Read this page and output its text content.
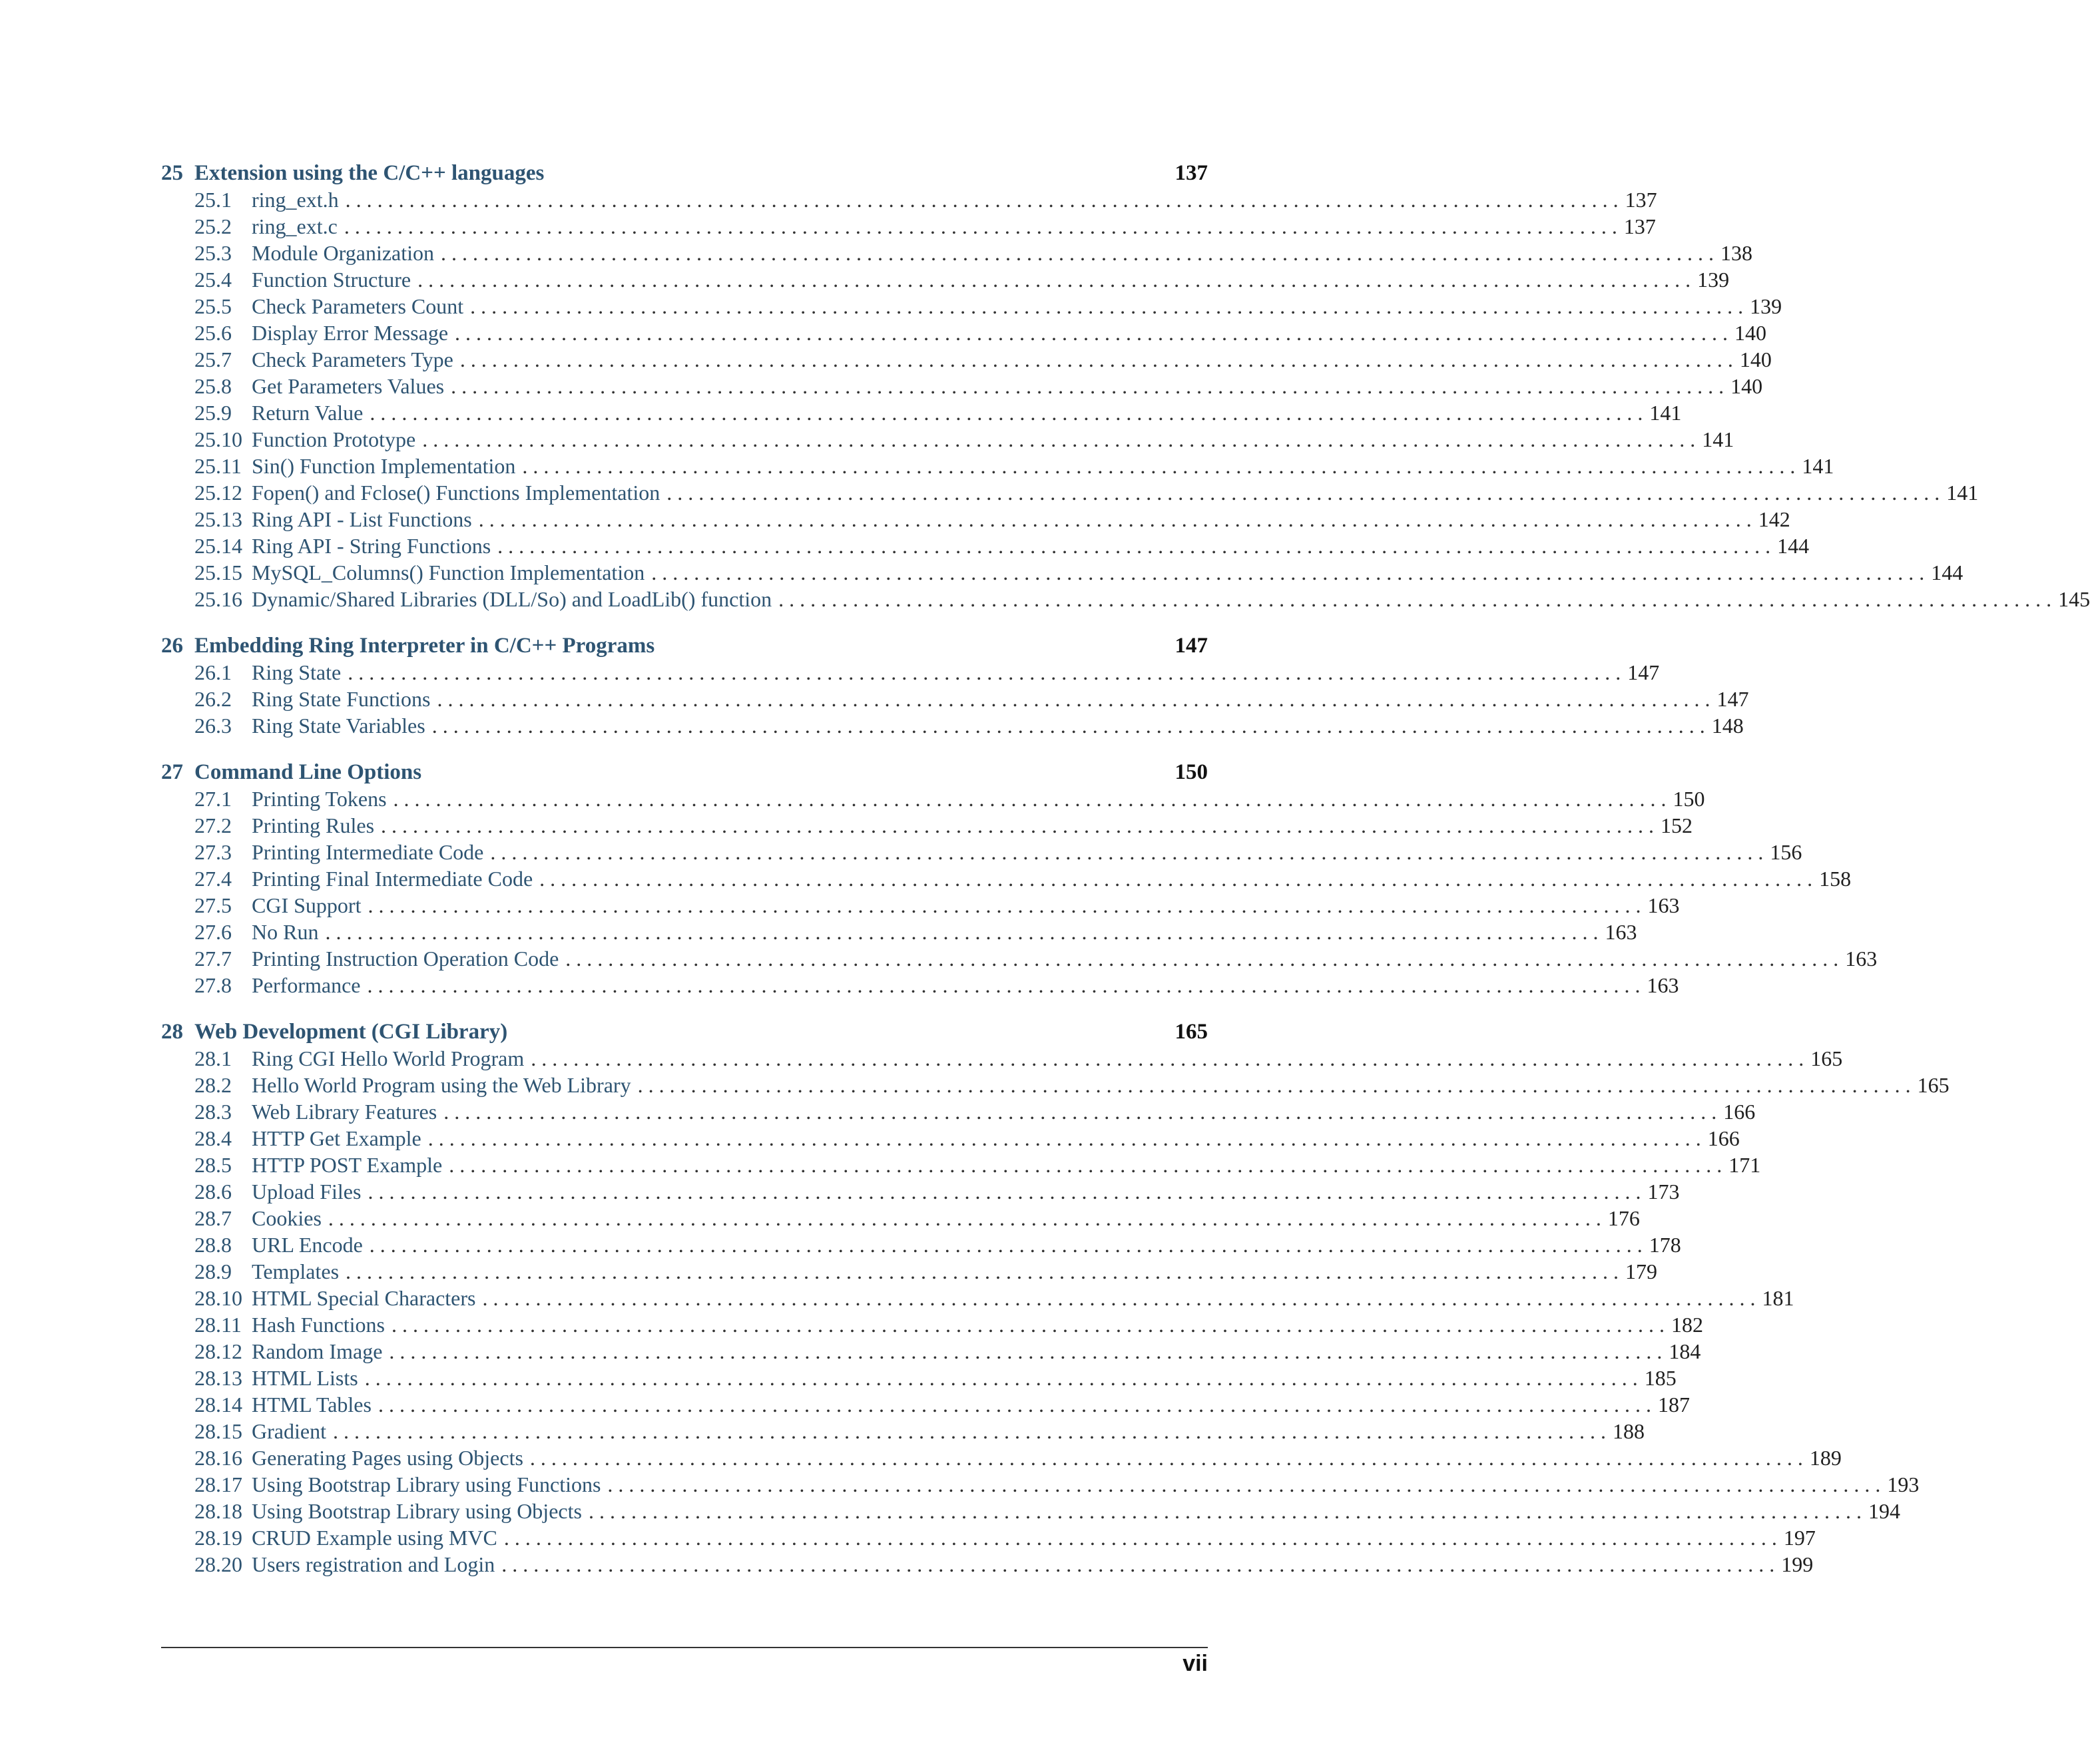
25 Extension using the C/C++ languages	137
25.1 ring_ext.h . . . . . . . . . . . . . . . . . . . . . . . . . . . . . . . . . . . . . . . . . . . . . . . . . . . . . . . . . . . . . . . . . . . . . . . . . . . . . . . . . . . . . . . . . . . . . . . . . . . . . . . . . . . . . . . . . . . . . . . . 137
25.2 ring_ext.c . . . . . . . . . . . . . . . . . . . . . . . . . . . . . . . . . . . . . . . . . . . . . . . . . . . . . . . . . . . . . . . . . . . . . . . . . . . . . . . . . . . . . . . . . . . . . . . . . . . . . . . . . . . . . . . . . . . . . . . . 137
25.3 Module Organization . . . . . . . . . . . . . . . . . . . . . . . . . . . . . . . . . . . . . . . . . . . . . . . . . . . . . . . . . . . . . . . . . . . . . . . . . . . . . . . . . . . . . . . . . . . . . . . . . . . . . . . . . . . . . . . . . . . . . . . . 138
25.4 Function Structure . . . . . . . . . . . . . . . . . . . . . . . . . . . . . . . . . . . . . . . . . . . . . . . . . . . . . . . . . . . . . . . . . . . . . . . . . . . . . . . . . . . . . . . . . . . . . . . . . . . . . . . . . . . . . . . . . . . . . . . . 139
25.5 Check Parameters Count . . . . . . . . . . . . . . . . . . . . . . . . . . . . . . . . . . . . . . . . . . . . . . . . . . . . . . . . . . . . . . . . . . . . . . . . . . . . . . . . . . . . . . . . . . . . . . . . . . . . . . . . . . . . . . . . . . . . . . . . 139
25.6 Display Error Message . . . . . . . . . . . . . . . . . . . . . . . . . . . . . . . . . . . . . . . . . . . . . . . . . . . . . . . . . . . . . . . . . . . . . . . . . . . . . . . . . . . . . . . . . . . . . . . . . . . . . . . . . . . . . . . . . . . . . . . . 140
25.7 Check Parameters Type . . . . . . . . . . . . . . . . . . . . . . . . . . . . . . . . . . . . . . . . . . . . . . . . . . . . . . . . . . . . . . . . . . . . . . . . . . . . . . . . . . . . . . . . . . . . . . . . . . . . . . . . . . . . . . . . . . . . . . . . 140
25.8 Get Parameters Values . . . . . . . . . . . . . . . . . . . . . . . . . . . . . . . . . . . . . . . . . . . . . . . . . . . . . . . . . . . . . . . . . . . . . . . . . . . . . . . . . . . . . . . . . . . . . . . . . . . . . . . . . . . . . . . . . . . . . . . . 140
25.9 Return Value . . . . . . . . . . . . . . . . . . . . . . . . . . . . . . . . . . . . . . . . . . . . . . . . . . . . . . . . . . . . . . . . . . . . . . . . . . . . . . . . . . . . . . . . . . . . . . . . . . . . . . . . . . . . . . . . . . . . . . . . 141
25.10 Function Prototype . . . . . . . . . . . . . . . . . . . . . . . . . . . . . . . . . . . . . . . . . . . . . . . . . . . . . . . . . . . . . . . . . . . . . . . . . . . . . . . . . . . . . . . . . . . . . . . . . . . . . . . . . . . . . . . . . . . . . . . . 141
25.11 Sin() Function Implementation . . . . . . . . . . . . . . . . . . . . . . . . . . . . . . . . . . . . . . . . . . . . . . . . . . . . . . . . . . . . . . . . . . . . . . . . . . . . . . . . . . . . . . . . . . . . . . . . . . . . . . . . . . . . . . . . . . . . . . . . 141
25.12 Fopen() and Fclose() Functions Implementation . . . . . . . . . . . . . . . . . . . . . . . . . . . . . . . . . . . . . . . . . . . . . . . . . . . . . . . . . . . . . . . . . . . . . . . . . . . . . . . . . . . . . . . . . . . . . . . . . . . . . . . . . . . . . . . . . . . . . . . . 141
25.13 Ring API - List Functions . . . . . . . . . . . . . . . . . . . . . . . . . . . . . . . . . . . . . . . . . . . . . . . . . . . . . . . . . . . . . . . . . . . . . . . . . . . . . . . . . . . . . . . . . . . . . . . . . . . . . . . . . . . . . . . . . . . . . . . . 142
25.14 Ring API - String Functions . . . . . . . . . . . . . . . . . . . . . . . . . . . . . . . . . . . . . . . . . . . . . . . . . . . . . . . . . . . . . . . . . . . . . . . . . . . . . . . . . . . . . . . . . . . . . . . . . . . . . . . . . . . . . . . . . . . . . . . . 144
25.15 MySQL_Columns() Function Implementation . . . . . . . . . . . . . . . . . . . . . . . . . . . . . . . . . . . . . . . . . . . . . . . . . . . . . . . . . . . . . . . . . . . . . . . . . . . . . . . . . . . . . . . . . . . . . . . . . . . . . . . . . . . . . . . . . . . . . . . . 144
25.16 Dynamic/Shared Libraries (DLL/So) and LoadLib() function . . . . . . . . . . . . . . . . . . . . . . . . . . . . . . . . . . . . . . . . . . . . . . . . . . . . . . . . . . . . . . . . . . . . . . . . . . . . . . . . . . . . . . . . . . . . . . . . . . . . . . . . . . . . . . . . . . . . . . . . 145
26 Embedding Ring Interpreter in C/C++ Programs	147
26.1 Ring State . . . . . . . . . . . . . . . . . . . . . . . . . . . . . . . . . . . . . . . . . . . . . . . . . . . . . . . . . . . . . . . . . . . . . . . . . . . . . . . . . . . . . . . . . . . . . . . . . . . . . . . . . . . . . . . . . . . . . . . . 147
26.2 Ring State Functions . . . . . . . . . . . . . . . . . . . . . . . . . . . . . . . . . . . . . . . . . . . . . . . . . . . . . . . . . . . . . . . . . . . . . . . . . . . . . . . . . . . . . . . . . . . . . . . . . . . . . . . . . . . . . . . . . . . . . . . . 147
26.3 Ring State Variables . . . . . . . . . . . . . . . . . . . . . . . . . . . . . . . . . . . . . . . . . . . . . . . . . . . . . . . . . . . . . . . . . . . . . . . . . . . . . . . . . . . . . . . . . . . . . . . . . . . . . . . . . . . . . . . . . . . . . . . . 148
27 Command Line Options	150
27.1 Printing Tokens . . . . . . . . . . . . . . . . . . . . . . . . . . . . . . . . . . . . . . . . . . . . . . . . . . . . . . . . . . . . . . . . . . . . . . . . . . . . . . . . . . . . . . . . . . . . . . . . . . . . . . . . . . . . . . . . . . . . . . . . 150
27.2 Printing Rules . . . . . . . . . . . . . . . . . . . . . . . . . . . . . . . . . . . . . . . . . . . . . . . . . . . . . . . . . . . . . . . . . . . . . . . . . . . . . . . . . . . . . . . . . . . . . . . . . . . . . . . . . . . . . . . . . . . . . . . . 152
27.3 Printing Intermediate Code . . . . . . . . . . . . . . . . . . . . . . . . . . . . . . . . . . . . . . . . . . . . . . . . . . . . . . . . . . . . . . . . . . . . . . . . . . . . . . . . . . . . . . . . . . . . . . . . . . . . . . . . . . . . . . . . . . . . . . . . 156
27.4 Printing Final Intermediate Code . . . . . . . . . . . . . . . . . . . . . . . . . . . . . . . . . . . . . . . . . . . . . . . . . . . . . . . . . . . . . . . . . . . . . . . . . . . . . . . . . . . . . . . . . . . . . . . . . . . . . . . . . . . . . . . . . . . . . . . . 158
27.5 CGI Support . . . . . . . . . . . . . . . . . . . . . . . . . . . . . . . . . . . . . . . . . . . . . . . . . . . . . . . . . . . . . . . . . . . . . . . . . . . . . . . . . . . . . . . . . . . . . . . . . . . . . . . . . . . . . . . . . . . . . . . . 163
27.6 No Run . . . . . . . . . . . . . . . . . . . . . . . . . . . . . . . . . . . . . . . . . . . . . . . . . . . . . . . . . . . . . . . . . . . . . . . . . . . . . . . . . . . . . . . . . . . . . . . . . . . . . . . . . . . . . . . . . . . . . . . . 163
27.7 Printing Instruction Operation Code . . . . . . . . . . . . . . . . . . . . . . . . . . . . . . . . . . . . . . . . . . . . . . . . . . . . . . . . . . . . . . . . . . . . . . . . . . . . . . . . . . . . . . . . . . . . . . . . . . . . . . . . . . . . . . . . . . . . . . . . 163
27.8 Performance . . . . . . . . . . . . . . . . . . . . . . . . . . . . . . . . . . . . . . . . . . . . . . . . . . . . . . . . . . . . . . . . . . . . . . . . . . . . . . . . . . . . . . . . . . . . . . . . . . . . . . . . . . . . . . . . . . . . . . . . 163
28 Web Development (CGI Library)	165
28.1 Ring CGI Hello World Program . . . . . . . . . . . . . . . . . . . . . . . . . . . . . . . . . . . . . . . . . . . . . . . . . . . . . . . . . . . . . . . . . . . . . . . . . . . . . . . . . . . . . . . . . . . . . . . . . . . . . . . . . . . . . . . . . . . . . . . . 165
28.2 Hello World Program using the Web Library . . . . . . . . . . . . . . . . . . . . . . . . . . . . . . . . . . . . . . . . . . . . . . . . . . . . . . . . . . . . . . . . . . . . . . . . . . . . . . . . . . . . . . . . . . . . . . . . . . . . . . . . . . . . . . . . . . . . . . . . 165
28.3 Web Library Features . . . . . . . . . . . . . . . . . . . . . . . . . . . . . . . . . . . . . . . . . . . . . . . . . . . . . . . . . . . . . . . . . . . . . . . . . . . . . . . . . . . . . . . . . . . . . . . . . . . . . . . . . . . . . . . . . . . . . . . . 166
28.4 HTTP Get Example . . . . . . . . . . . . . . . . . . . . . . . . . . . . . . . . . . . . . . . . . . . . . . . . . . . . . . . . . . . . . . . . . . . . . . . . . . . . . . . . . . . . . . . . . . . . . . . . . . . . . . . . . . . . . . . . . . . . . . . . 166
28.5 HTTP POST Example . . . . . . . . . . . . . . . . . . . . . . . . . . . . . . . . . . . . . . . . . . . . . . . . . . . . . . . . . . . . . . . . . . . . . . . . . . . . . . . . . . . . . . . . . . . . . . . . . . . . . . . . . . . . . . . . . . . . . . . . 171
28.6 Upload Files . . . . . . . . . . . . . . . . . . . . . . . . . . . . . . . . . . . . . . . . . . . . . . . . . . . . . . . . . . . . . . . . . . . . . . . . . . . . . . . . . . . . . . . . . . . . . . . . . . . . . . . . . . . . . . . . . . . . . . . . 173
28.7 Cookies . . . . . . . . . . . . . . . . . . . . . . . . . . . . . . . . . . . . . . . . . . . . . . . . . . . . . . . . . . . . . . . . . . . . . . . . . . . . . . . . . . . . . . . . . . . . . . . . . . . . . . . . . . . . . . . . . . . . . . . . 176
28.8 URL Encode . . . . . . . . . . . . . . . . . . . . . . . . . . . . . . . . . . . . . . . . . . . . . . . . . . . . . . . . . . . . . . . . . . . . . . . . . . . . . . . . . . . . . . . . . . . . . . . . . . . . . . . . . . . . . . . . . . . . . . . . 178
28.9 Templates . . . . . . . . . . . . . . . . . . . . . . . . . . . . . . . . . . . . . . . . . . . . . . . . . . . . . . . . . . . . . . . . . . . . . . . . . . . . . . . . . . . . . . . . . . . . . . . . . . . . . . . . . . . . . . . . . . . . . . . . 179
28.10 HTML Special Characters . . . . . . . . . . . . . . . . . . . . . . . . . . . . . . . . . . . . . . . . . . . . . . . . . . . . . . . . . . . . . . . . . . . . . . . . . . . . . . . . . . . . . . . . . . . . . . . . . . . . . . . . . . . . . . . . . . . . . . . . 181
28.11 Hash Functions . . . . . . . . . . . . . . . . . . . . . . . . . . . . . . . . . . . . . . . . . . . . . . . . . . . . . . . . . . . . . . . . . . . . . . . . . . . . . . . . . . . . . . . . . . . . . . . . . . . . . . . . . . . . . . . . . . . . . . . . 182
28.12 Random Image . . . . . . . . . . . . . . . . . . . . . . . . . . . . . . . . . . . . . . . . . . . . . . . . . . . . . . . . . . . . . . . . . . . . . . . . . . . . . . . . . . . . . . . . . . . . . . . . . . . . . . . . . . . . . . . . . . . . . . . . 184
28.13 HTML Lists . . . . . . . . . . . . . . . . . . . . . . . . . . . . . . . . . . . . . . . . . . . . . . . . . . . . . . . . . . . . . . . . . . . . . . . . . . . . . . . . . . . . . . . . . . . . . . . . . . . . . . . . . . . . . . . . . . . . . . . . 185
28.14 HTML Tables . . . . . . . . . . . . . . . . . . . . . . . . . . . . . . . . . . . . . . . . . . . . . . . . . . . . . . . . . . . . . . . . . . . . . . . . . . . . . . . . . . . . . . . . . . . . . . . . . . . . . . . . . . . . . . . . . . . . . . . . 187
28.15 Gradient . . . . . . . . . . . . . . . . . . . . . . . . . . . . . . . . . . . . . . . . . . . . . . . . . . . . . . . . . . . . . . . . . . . . . . . . . . . . . . . . . . . . . . . . . . . . . . . . . . . . . . . . . . . . . . . . . . . . . . . . 188
28.16 Generating Pages using Objects . . . . . . . . . . . . . . . . . . . . . . . . . . . . . . . . . . . . . . . . . . . . . . . . . . . . . . . . . . . . . . . . . . . . . . . . . . . . . . . . . . . . . . . . . . . . . . . . . . . . . . . . . . . . . . . . . . . . . . . . 189
28.17 Using Bootstrap Library using Functions . . . . . . . . . . . . . . . . . . . . . . . . . . . . . . . . . . . . . . . . . . . . . . . . . . . . . . . . . . . . . . . . . . . . . . . . . . . . . . . . . . . . . . . . . . . . . . . . . . . . . . . . . . . . . . . . . . . . . . . . 193
28.18 Using Bootstrap Library using Objects . . . . . . . . . . . . . . . . . . . . . . . . . . . . . . . . . . . . . . . . . . . . . . . . . . . . . . . . . . . . . . . . . . . . . . . . . . . . . . . . . . . . . . . . . . . . . . . . . . . . . . . . . . . . . . . . . . . . . . . . 194
28.19 CRUD Example using MVC . . . . . . . . . . . . . . . . . . . . . . . . . . . . . . . . . . . . . . . . . . . . . . . . . . . . . . . . . . . . . . . . . . . . . . . . . . . . . . . . . . . . . . . . . . . . . . . . . . . . . . . . . . . . . . . . . . . . . . . . 197
28.20 Users registration and Login . . . . . . . . . . . . . . . . . . . . . . . . . . . . . . . . . . . . . . . . . . . . . . . . . . . . . . . . . . . . . . . . . . . . . . . . . . . . . . . . . . . . . . . . . . . . . . . . . . . . . . . . . . . . . . . . . . . . . . . . 199
vii
